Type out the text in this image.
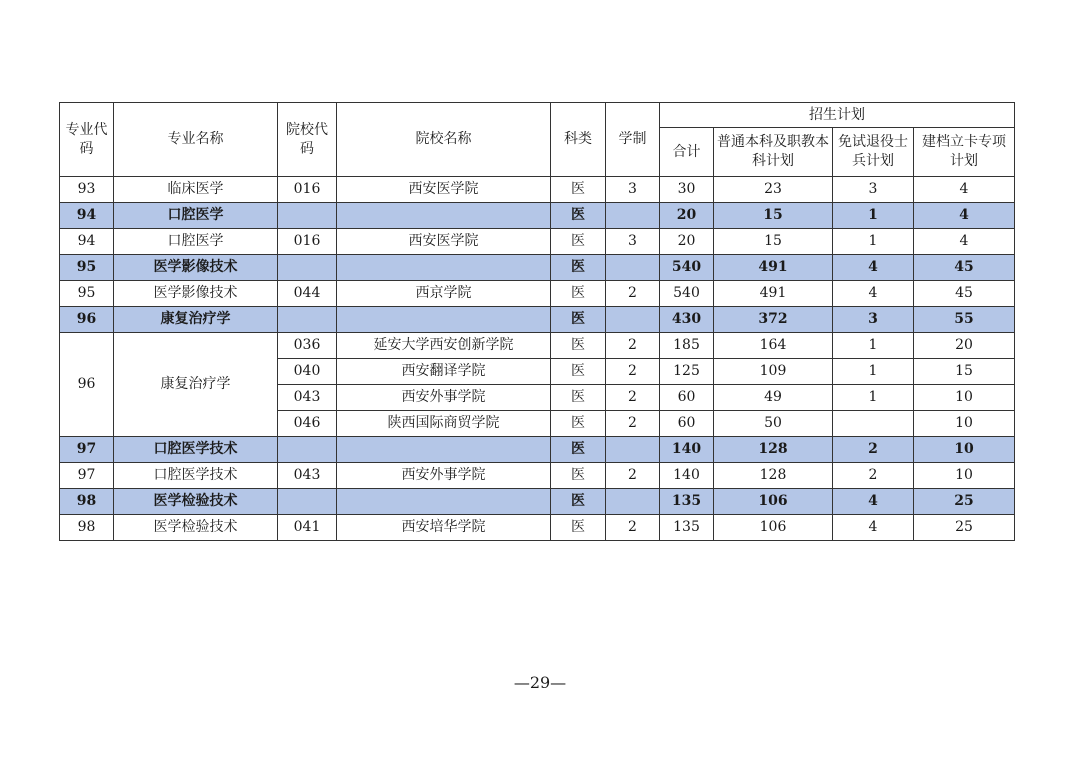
专业代码	专业名称	院校代码	院校名称	科类	学制	招生计划			
						合计	普通本科及职教本科计划	免试退役士兵计划	建档立卡专项计划
93	临床医学	016	西安医学院	医	3	30	23	3	4
94	口腔医学			医		20	15	1	4
94	口腔医学	016	西安医学院	医	3	20	15	1	4
95	医学影像技术			医		540	491	4	45
95	医学影像技术	044	西京学院	医	2	540	491	4	45
96	康复治疗学			医		430	372	3	55
96	康复治疗学	036	延安大学西安创新学院	医	2	185	164	1	20
		040	西安翻译学院	医	2	125	109	1	15
		043	西安外事学院	医	2	60	49	1	10
		046	陕西国际商贸学院	医	2	60	50		10
97	口腔医学技术			医		140	128	2	10
97	口腔医学技术	043	西安外事学院	医	2	140	128	2	10
98	医学检验技术			医		135	106	4	25
98	医学检验技术	041	西安培华学院	医	2	135	106	4	25
—29—
